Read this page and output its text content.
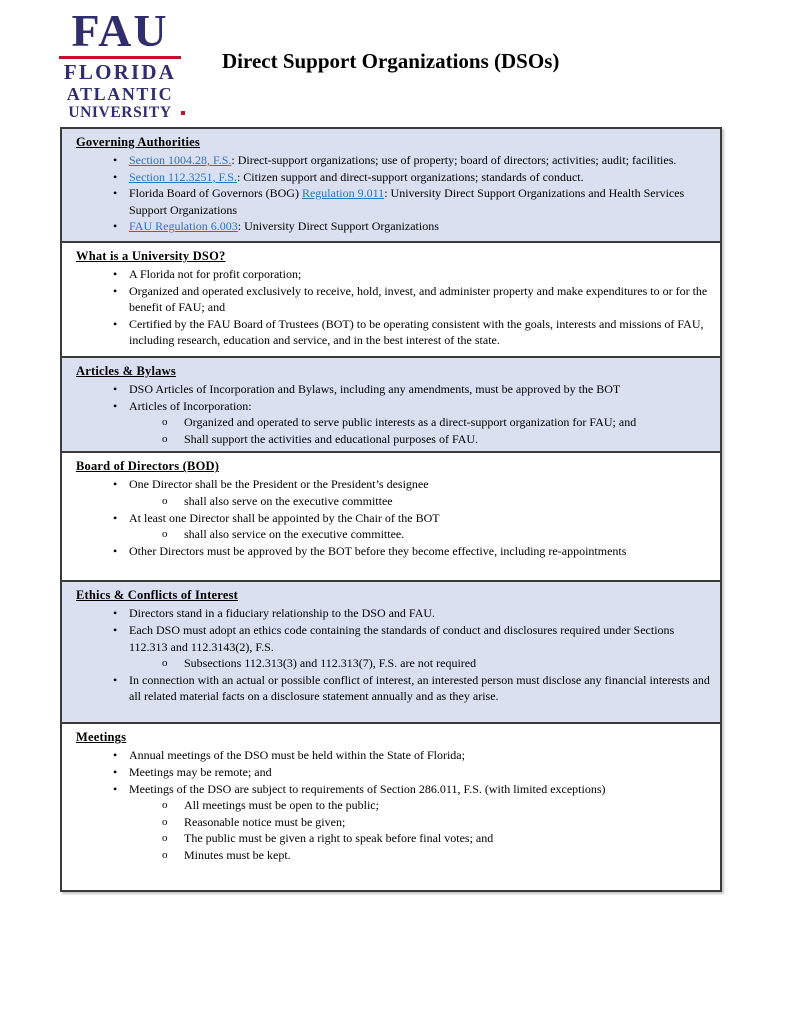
FAU
FLORIDA
ATLANTIC
UNIVERSITY
Direct Support Organizations (DSOs)
Governing Authorities
• Section 1004.28, F.S.: Direct-support organizations; use of property; board of directors; activities; audit; facilities.
• Section 112.3251, F.S.: Citizen support and direct-support organizations; standards of conduct.
• Florida Board of Governors (BOG) Regulation 9.011: University Direct Support Organizations and Health Services Support Organizations
• FAU Regulation 6.003: University Direct Support Organizations
What is a University DSO?
• A Florida not for profit corporation;
• Organized and operated exclusively to receive, hold, invest, and administer property and make expenditures to or for the benefit of FAU; and
• Certified by the FAU Board of Trustees (BOT) to be operating consistent with the goals, interests and missions of FAU, including research, education and service, and in the best interest of the state.
Articles & Bylaws
• DSO Articles of Incorporation and Bylaws, including any amendments, must be approved by the BOT
• Articles of Incorporation:
o Organized and operated to serve public interests as a direct-support organization for FAU; and
o Shall support the activities and educational purposes of FAU.
Board of Directors (BOD)
• One Director shall be the President or the President’s designee
o shall also serve on the executive committee
• At least one Director shall be appointed by the Chair of the BOT
o shall also service on the executive committee.
• Other Directors must be approved by the BOT before they become effective, including re-appointments
Ethics & Conflicts of Interest
• Directors stand in a fiduciary relationship to the DSO and FAU.
• Each DSO must adopt an ethics code containing the standards of conduct and disclosures required under Sections 112.313 and 112.3143(2), F.S.
o Subsections 112.313(3) and 112.313(7), F.S. are not required
• In connection with an actual or possible conflict of interest, an interested person must disclose any financial interests and all related material facts on a disclosure statement annually and as they arise.
Meetings
• Annual meetings of the DSO must be held within the State of Florida;
• Meetings may be remote; and
• Meetings of the DSO are subject to requirements of Section 286.011, F.S. (with limited exceptions)
o All meetings must be open to the public;
o Reasonable notice must be given;
o The public must be given a right to speak before final votes; and
o Minutes must be kept.
